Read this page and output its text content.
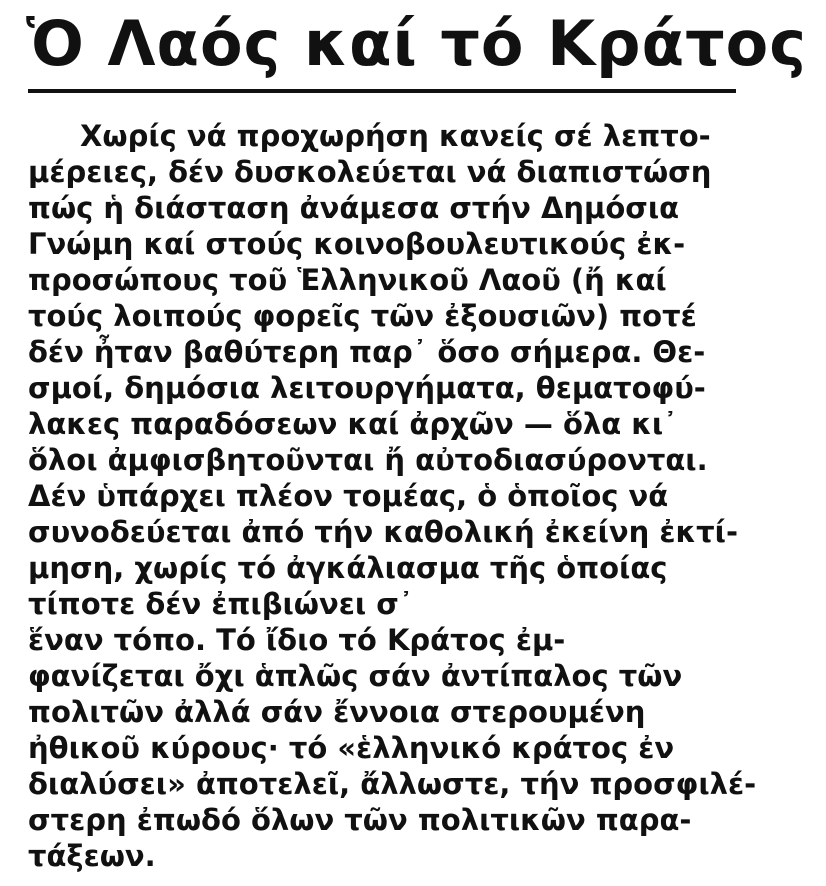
Ὁ Λαός καί τό Κράτος
Χωρίς νά προχωρήση κανείς σέ λεπτο-
μέρειες, δέν δυσκολεύεται νά διαπιστώση
πώς ἡ διάσταση ἀνάμεσα στήν Δημόσια
Γνώμη καί στούς κοινοβουλευτικούς ἐκ-
προσώπους τοῦ Ἑλληνικοῦ Λαοῦ (ἤ καί
τούς λοιπούς φορεῖς τῶν ἐξουσιῶν) ποτέ
δέν ἦταν βαθύτερη παρ᾽ ὅσο σήμερα. Θε-
σμοί, δημόσια λειτουργήματα, θεματοφύ-
λακες παραδόσεων καί ἀρχῶν — ὅλα κι᾽
ὅλοι ἀμφισβητοῦνται ἤ αὐτοδιασύρονται.
Δέν ὑπάρχει πλέον τομέας, ὁ ὁποῖος νά
συνοδεύεται ἀπό τήν καθολική ἐκείνη ἐκτί-
μηση, χωρίς τό ἀγκάλιασμα τῆς ὁποίας
τίποτε δέν ἐπιβιώνει σ᾽
ἕναν τόπο. Τό ἴδιο τό Κράτος ἐμ-
φανίζεται ὄχι ἁπλῶς σάν ἀντίπαλος τῶν
πολιτῶν ἀλλά σάν ἔννοια στερουμένη
ἠθικοῦ κύρους· τό «ἑλληνικό κράτος ἐν
διαλύσει» ἀποτελεῖ, ἄλλωστε, τήν προσφιλέ-
στερη ἐπωδό ὅλων τῶν πολιτικῶν παρα-
τάξεων.
